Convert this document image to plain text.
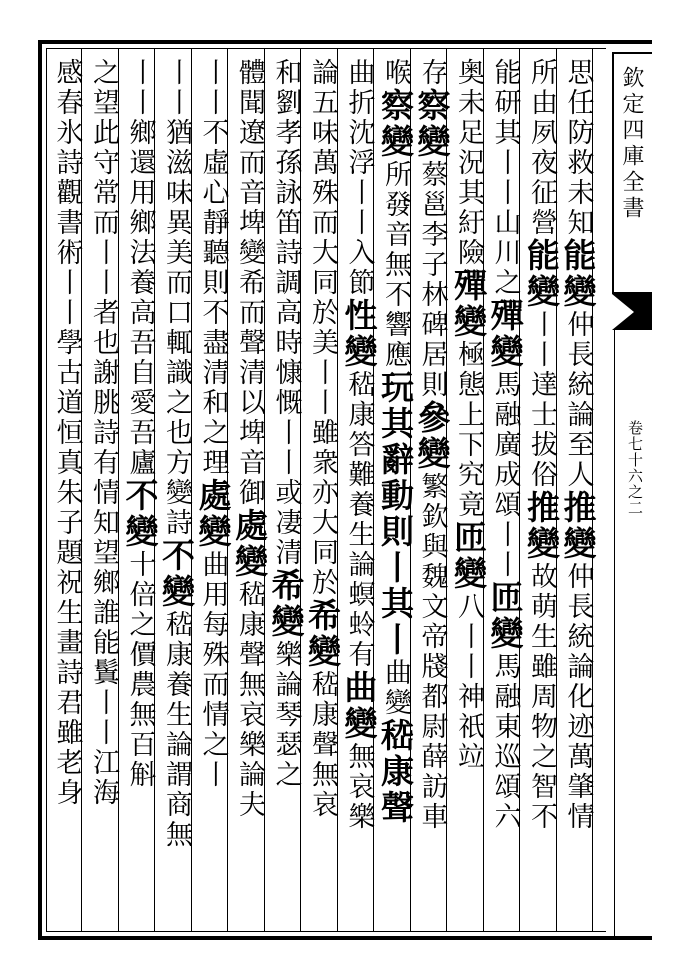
欽定四庫全書
卷七十六之二
思任防救未知能變仲長統論至人推變仲長統論化迹萬肇情
所由夙夜征營能變丨丨達士拔俗推變故萌生雖周物之智不
能研其丨丨山川之殫變馬融廣成頌丨丨匝變馬融東巡頌六
奥未足況其紆險殫變極態上下究竟匝變八丨丨神祇竝
存察變蔡邕李子林碑居則參變繁欽與魏文帝牋都尉薛訪車
喉察變所發音無不響應玩其辭動則丨其丨曲變嵇康聲
曲折沈浮丨丨入節性變嵇康答難養生論螟蛉有曲變無哀樂
論五味萬殊而大同於美丨丨雖衆亦大同於希變嵇康聲無哀
和劉孝孫詠笛詩調高時慷慨丨丨或凄清希變樂論琴瑟之
體聞遼而音埤變希而聲清以埤音御處變嵇康聲無哀樂論夫
丨丨不虛心靜聽則不盡清和之理處變曲用每殊而情之丨
丨丨猶滋味異美而口輒識之也方變詩不變嵇康養生論謂商無
丨丨鄉還用鄉法養高吾自愛吾廬不變十倍之價農無百斛
之望此守常而丨丨者也謝朓詩有情知望鄉誰能鬒丨丨江海
感春氷詩觀書術丨丨學古道恒真朱子題祝生畫詩君雖老身
